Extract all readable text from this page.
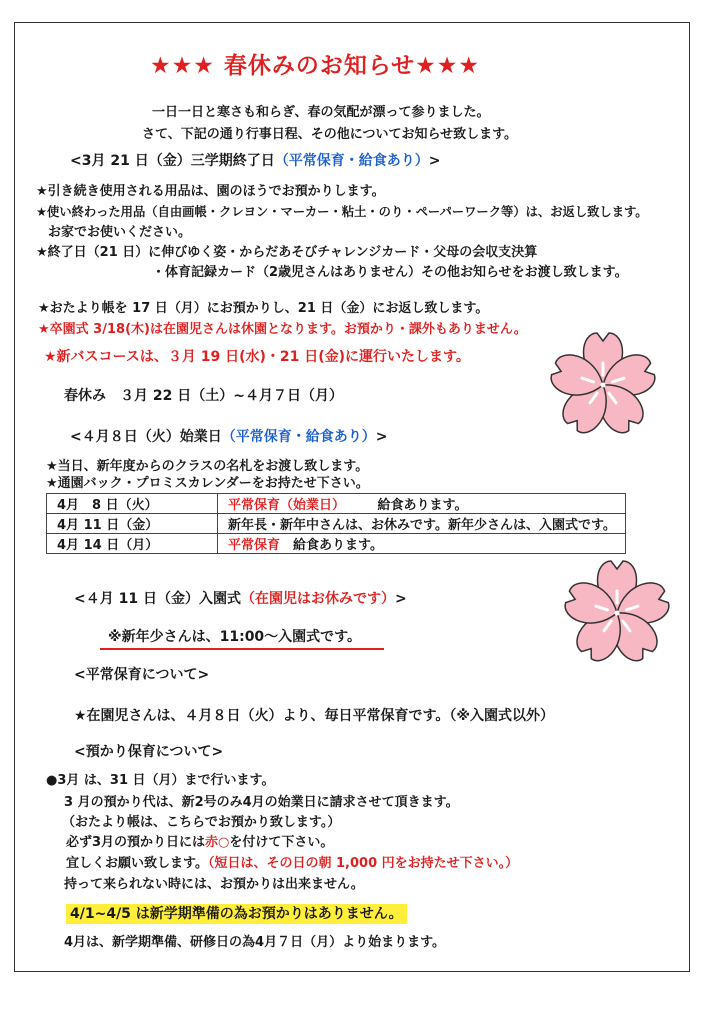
★★★ 春休みのお知らせ★★★
一日一日と寒さも和らぎ、春の気配が漂って参りました。
さて、下記の通り行事日程、その他についてお知らせ致します。
<3月 21 日（金）三学期終了日（平常保育・給食あり）>
★引き続き使用される用品は、園のほうでお預かりします。
★使い終わった用品（自由画帳・クレヨン・マーカー・粘土・のり・ペーパーワーク等）は、お返し致します。
お家でお使いください。
★終了日（21 日）に伸びゆく姿・からだあそびチャレンジカード・父母の会収支決算
・体育記録カード（2歳児さんはありません）その他お知らせをお渡し致します。
★おたより帳を 17 日（月）にお預かりし、21 日（金）にお返し致します。
★卒園式 3/18(木)は在園児さんは休園となります。お預かり・課外もありません。
★新バスコースは、３月 19 日(水)・21 日(金)に運行いたします。
春休み　３月 22 日（土）~４月７日（月）
<４月８日（火）始業日（平常保育・給食あり）>
★当日、新年度からのクラスの名札をお渡し致します。
★通園バック・プロミスカレンダーをお持たせ下さい。
4月　8 日（火）	平常保育（始業日）　　　給食あります。
4月 11 日（金）	新年長・新年中さんは、お休みです。新年少さんは、入園式です。
4月 14 日（月）	平常保育　給食あります。
<４月 11 日（金）入園式（在園児はお休みです）>
※新年少さんは、11:00～入園式です。
<平常保育について>
★在園児さんは、４月８日（火）より、毎日平常保育です。（※入園式以外）
<預かり保育について>
●3月 は、31 日（月）まで行います。
3 月の預かり代は、新2号のみ4月の始業日に請求させて頂きます。
（おたより帳は、こちらでお預かり致します。）
必ず3月の預かり日には赤○を付けて下さい。
宜しくお願い致します。（短日は、その日の朝 1,000 円をお持たせ下さい。）
持って来られない時には、お預かりは出来ません。
4/1~4/5 は新学期準備の為お預かりはありません。
4月は、新学期準備、研修日の為4月７日（月）より始まります。
